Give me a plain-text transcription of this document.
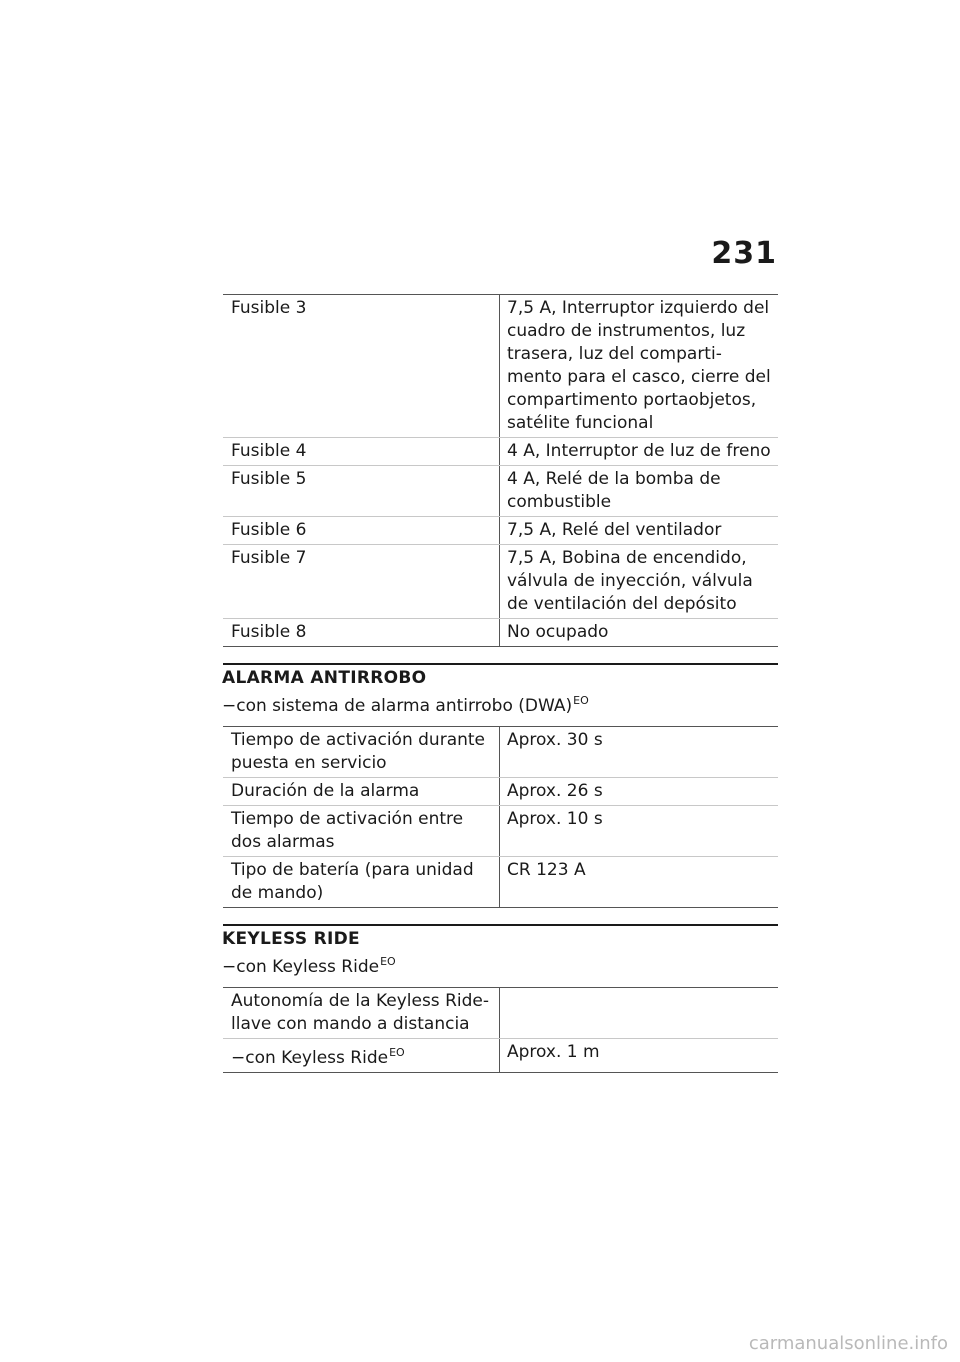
231
Fusible 3	7,5 A, Interruptor izquierdo del cuadro de instrumentos, luz trasera, luz del comparti- mento para el casco, cierre del compartimento portaobjetos, satélite funcional
Fusible 4	4 A, Interruptor de luz de freno
Fusible 5	4 A, Relé de la bomba de combustible
Fusible 6	7,5 A, Relé del ventilador
Fusible 7	7,5 A, Bobina de encendido, válvula de inyección, válvula de ventilación del depósito
Fusible 8	No ocupado
ALARMA ANTIRROBO
−con sistema de alarma antirrobo (DWA)$^{EO}$
Tiempo de activación durante puesta en servicio	Aprox. 30 s
Duración de la alarma	Aprox. 26 s
Tiempo de activación entre dos alarmas	Aprox. 10 s
Tipo de batería (para unidad de mando)	CR 123 A
KEYLESS RIDE
−con Keyless Ride$^{EO}$
Autonomía de la Keyless Ride- llave con mando a distancia	
−con Keyless Ride$^{EO}$	Aprox. 1 m
carmanualsonline.info
